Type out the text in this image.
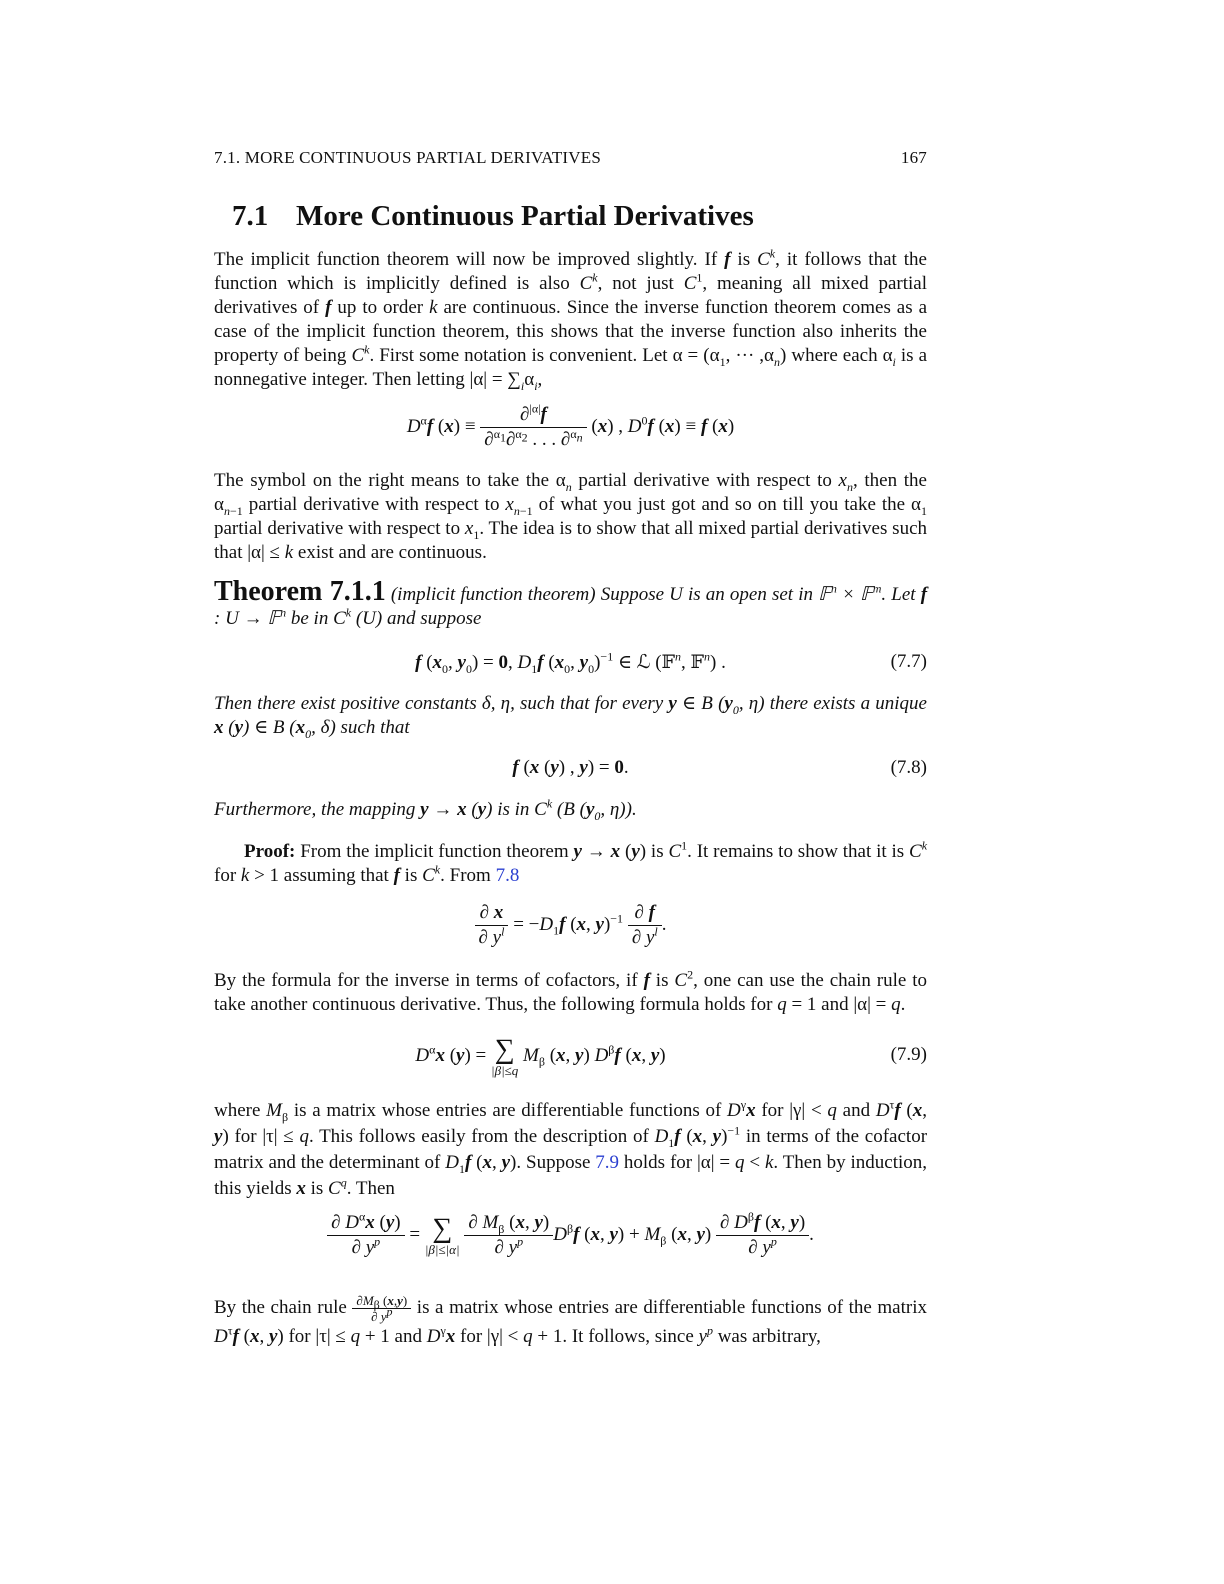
7.1. MORE CONTINUOUS PARTIAL DERIVATIVES	167
7.1 More Continuous Partial Derivatives

The implicit function theorem will now be improved slightly. If f is $C^k$, it follows that the function which is implicitly defined is also $C^k$, not just $C^1$, meaning all mixed partial derivatives of f up to order k are continuous. Since the inverse function theorem comes as a case of the implicit function theorem, this shows that the inverse function also inherits the property of being $C^k$. First some notation is convenient. Let $\alpha = (\alpha_1$, ··· $,\alpha_n$) where each $\alpha_i$ is a nonnegative integer. Then letting $|\alpha| = \sum_i\alpha_i$,

$D^\alpha f$ $(x) \equiv \frac{\partial^{|\alpha|}f}{\partial^{\alpha_1}\partial^{\alpha_2} . . . \partial^{\alpha_n}} (x)$ , $D^0f$ (x) ≡ f (x)

The symbol on the right means to take the $\alpha_n$ partial derivative with respect to $x_n$, then the $\alpha_{n-1}$ partial derivative with respect to $x_{n-1}$ of what you just got and so on till you take the $\alpha_1$ partial derivative with respect to $x_1$. The idea is to show that all mixed partial derivatives such that |α| ≤ k exist and are continuous.

Theorem 7.1.1 (implicit function theorem) Suppose U is an open set in 𝔽$^n$ × 𝔽$^m$. Let f : U → 𝔽$^n$ be in $C^k$ (U) and suppose

f ($x_0$, $y_0) = 0$, $D_1f$ ($x_0$, $y_0)^{-1}$ ∈ ℒ (𝔽$^n$, 𝔽$^n$) .	(7.7)

Then there exist positive constants δ, η, such that for every y ∈ B ($y_0$, η) there exists a unique x (y) ∈ B ($x_0$, δ) such that

f (x (y) , y) = 0.	(7.8)

Furthermore, the mapping y → x (y) is in $C^k$ (B ($y_0$, η)).

Proof: From the implicit function theorem y → x (y) is $C^1$. It remains to show that it is $C^k$ for k > 1 assuming that f is $C^k$. From 7.8

$\frac{\partial x}{\partial y^l} = -D_1f$ (x, $y)^{-1} \frac{\partial f}{\partial y^l}$ .

By the formula for the inverse in terms of cofactors, if f is $C^2$, one can use the chain rule to take another continuous derivative. Thus, the following formula holds for q = 1 and |α| = q.

$D^\alpha x$ (y) = ∑
|β|≤q
$M_\beta$ (x, y) $D^\beta f$ (x, y)	(7.9)

where $M_\beta$ is a matrix whose entries are differentiable functions of $D^\gamma x$ for |γ| < q and $D^\tau f$ (x, y) for |τ| ≤ q. This follows easily from the description of $D_1f$ (x, y)$^{-1}$ in terms of the cofactor matrix and the determinant of $D_1f$ (x, y). Suppose 7.9 holds for |α| = q < k. Then by induction, this yields x is $C^q$. Then

$\frac{\partial D^\alpha x (y)}{\partial y^p}$ = ∑
|β|≤|α|
$\frac{\partial M_\beta (x, y)}{\partial y^p} D^\beta f$ (x, $y) + M_\beta$ (x, $y) \frac{\partial D^\beta f (x, y)}{\partial y^p}$ .

By the chain rule $\frac{\partial M_\beta (x,y)}{\partial y^p}$ is a matrix whose entries are differentiable functions of the matrix $D^\tau f$ (x, y) for |τ| ≤ q + 1 and $D^\gamma x$ for |γ| < q + 1. It follows, since $y^p$ was arbitrary,
